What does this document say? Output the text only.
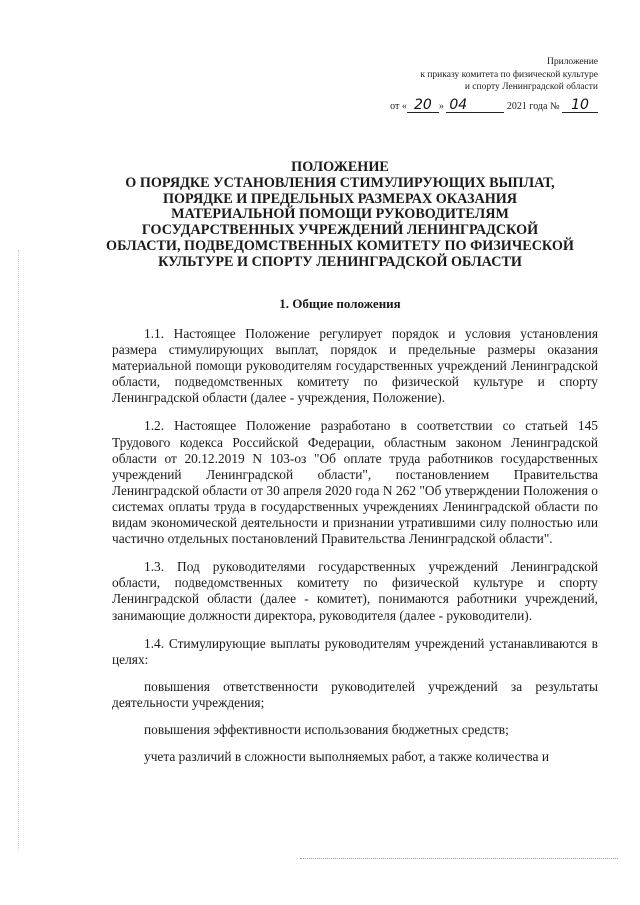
Приложение
к приказу комитета по физической культуре
и спорту Ленинградской области
от « 20 » 04	2021 года № 10
ПОЛОЖЕНИЕ
О ПОРЯДКЕ УСТАНОВЛЕНИЯ СТИМУЛИРУЮЩИХ ВЫПЛАТ,
ПОРЯДКЕ И ПРЕДЕЛЬНЫХ РАЗМЕРАХ ОКАЗАНИЯ
МАТЕРИАЛЬНОЙ ПОМОЩИ РУКОВОДИТЕЛЯМ
ГОСУДАРСТВЕННЫХ УЧРЕЖДЕНИЙ ЛЕНИНГРАДСКОЙ
ОБЛАСТИ, ПОДВЕДОМСТВЕННЫХ КОМИТЕТУ ПО ФИЗИЧЕСКОЙ
КУЛЬТУРЕ И СПОРТУ ЛЕНИНГРАДСКОЙ ОБЛАСТИ
1. Общие положения

1.1. Настоящее Положение регулирует порядок и условия установления размера стимулирующих выплат, порядок и предельные размеры оказания материальной помощи руководителям государственных учреждений Ленинградской области, подведомственных комитету по физической культуре и спорту Ленинградской области (далее - учреждения, Положение).

1.2. Настоящее Положение разработано в соответствии со статьей 145 Трудового кодекса Российской Федерации, областным законом Ленинградской области от 20.12.2019 N 103-оз "Об оплате труда работников государственных учреждений Ленинградской области", постановлением Правительства Ленинградской области от 30 апреля 2020 года N 262 "Об утверждении Положения о системах оплаты труда в государственных учреждениях Ленинградской области по видам экономической деятельности и признании утратившими силу полностью или частично отдельных постановлений Правительства Ленинградской области".

1.3. Под руководителями государственных учреждений Ленинградской области, подведомственных комитету по физической культуре и спорту Ленинградской области (далее - комитет), понимаются работники учреждений, занимающие должности директора, руководителя (далее - руководители).

1.4. Стимулирующие выплаты руководителям учреждений устанавливаются в целях:

повышения ответственности руководителей учреждений за результаты деятельности учреждения;

повышения эффективности использования бюджетных средств;

учета различий в сложности выполняемых работ, а также количества и
